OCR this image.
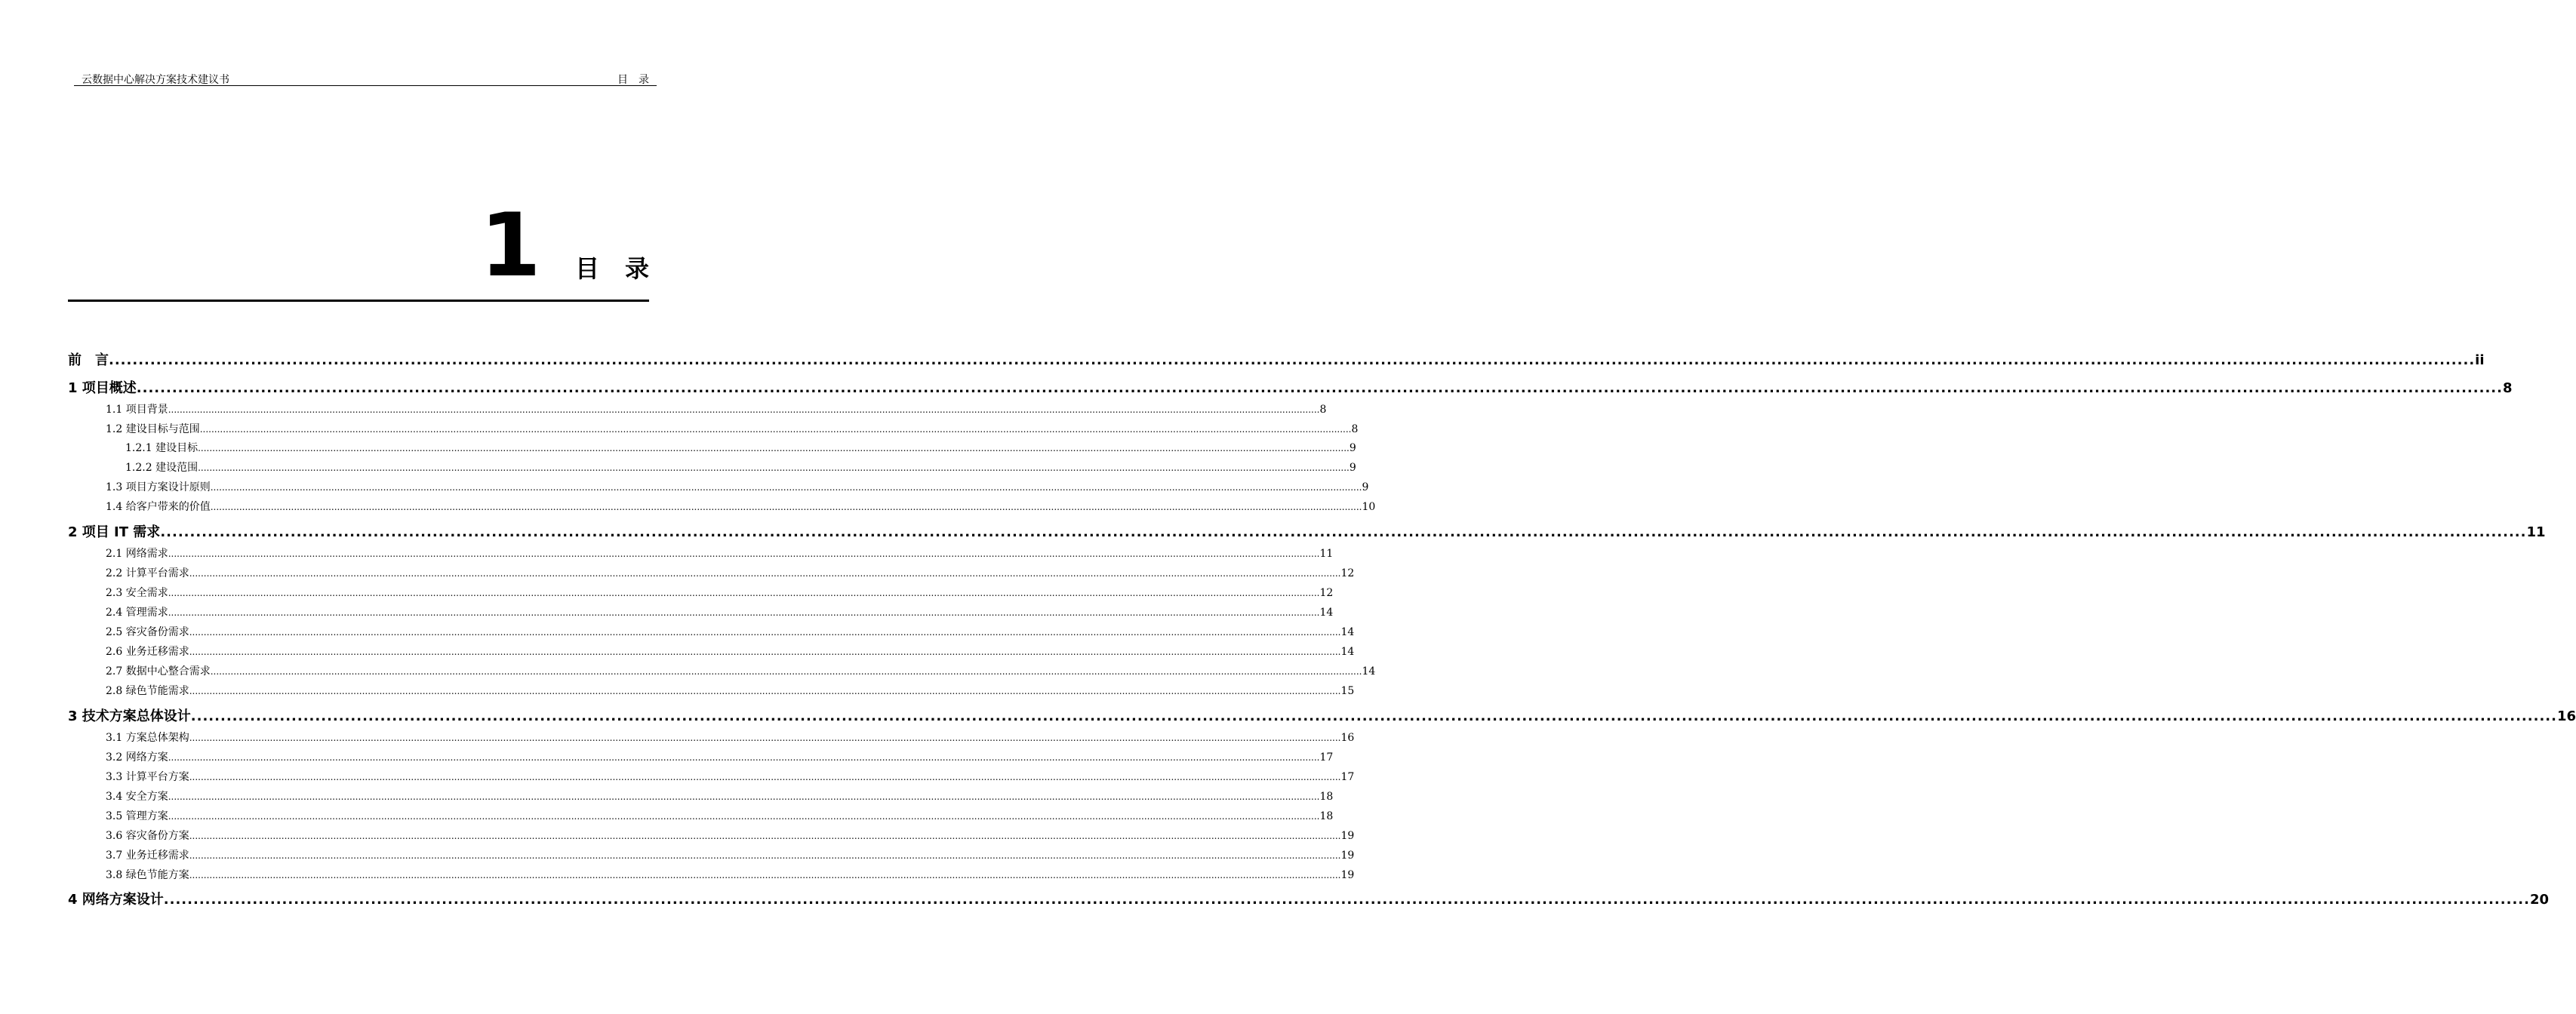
云数据中心解决方案技术建议书	目录
1 目录
前　言 ................................................................................................................................................................................................................................................................................................................................................................................................................ ii
1 项目概述 ................................................................................................................................................................................................................................................................................................................................................................................................................ 8
1.1 项目背景 ................................................................................................................................................................................................................................................................................................................................................................................................................ 8
1.2 建设目标与范围 ................................................................................................................................................................................................................................................................................................................................................................................................................ 8
1.2.1 建设目标 ................................................................................................................................................................................................................................................................................................................................................................................................................ 9
1.2.2 建设范围 ................................................................................................................................................................................................................................................................................................................................................................................................................ 9
1.3 项目方案设计原则 ................................................................................................................................................................................................................................................................................................................................................................................................................ 9
1.4 给客户带来的价值 ................................................................................................................................................................................................................................................................................................................................................................................................................ 10
2 项目 IT 需求 ................................................................................................................................................................................................................................................................................................................................................................................................................ 11
2.1 网络需求 ................................................................................................................................................................................................................................................................................................................................................................................................................ 11
2.2 计算平台需求 ................................................................................................................................................................................................................................................................................................................................................................................................................ 12
2.3 安全需求 ................................................................................................................................................................................................................................................................................................................................................................................................................ 12
2.4 管理需求 ................................................................................................................................................................................................................................................................................................................................................................................................................ 14
2.5 容灾备份需求 ................................................................................................................................................................................................................................................................................................................................................................................................................ 14
2.6 业务迁移需求 ................................................................................................................................................................................................................................................................................................................................................................................................................ 14
2.7 数据中心整合需求 ................................................................................................................................................................................................................................................................................................................................................................................................................ 14
2.8 绿色节能需求 ................................................................................................................................................................................................................................................................................................................................................................................................................ 15
3 技术方案总体设计 ................................................................................................................................................................................................................................................................................................................................................................................................................ 16
3.1 方案总体架构 ................................................................................................................................................................................................................................................................................................................................................................................................................ 16
3.2 网络方案 ................................................................................................................................................................................................................................................................................................................................................................................................................ 17
3.3 计算平台方案 ................................................................................................................................................................................................................................................................................................................................................................................................................ 17
3.4 安全方案 ................................................................................................................................................................................................................................................................................................................................................................................................................ 18
3.5 管理方案 ................................................................................................................................................................................................................................................................................................................................................................................................................ 18
3.6 容灾备份方案 ................................................................................................................................................................................................................................................................................................................................................................................................................ 19
3.7 业务迁移需求 ................................................................................................................................................................................................................................................................................................................................................................................................................ 19
3.8 绿色节能方案 ................................................................................................................................................................................................................................................................................................................................................................................................................ 19
4 网络方案设计 ................................................................................................................................................................................................................................................................................................................................................................................................................ 20
